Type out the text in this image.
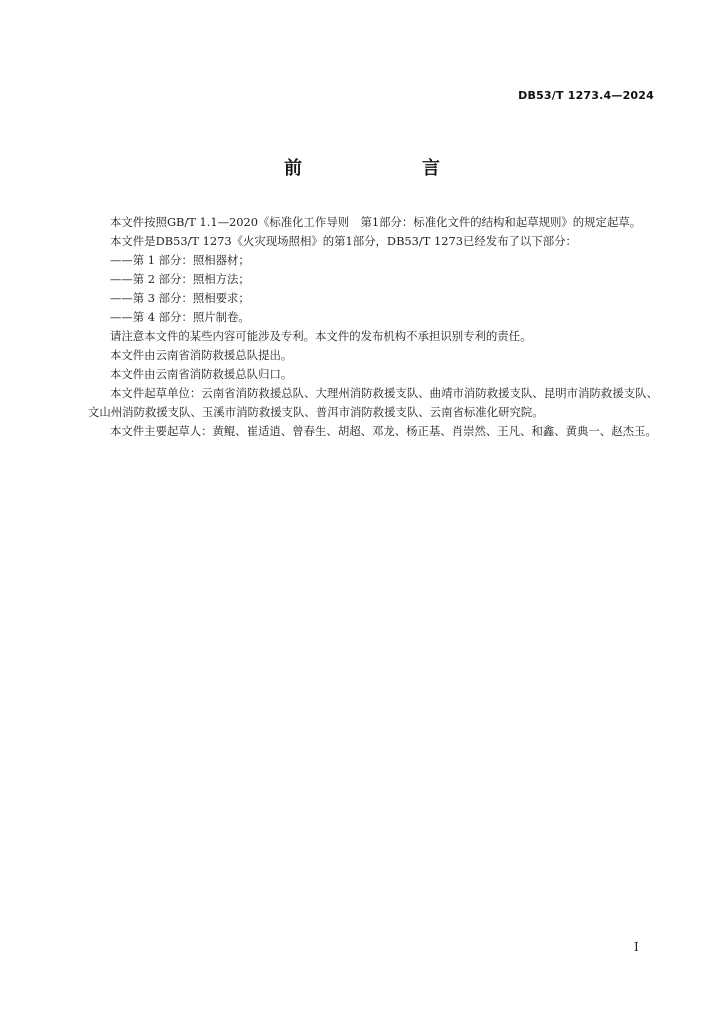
DB53/T 1273.4—2024
前　　言

本文件按照GB/T 1.1—2020《标准化工作导则　第1部分：标准化文件的结构和起草规则》的规定起草。

本文件是DB53/T 1273《火灾现场照相》的第1部分，DB53/T 1273已经发布了以下部分：

——第 1 部分：照相器材；

——第 2 部分：照相方法；

——第 3 部分：照相要求；

——第 4 部分：照片制卷。

请注意本文件的某些内容可能涉及专利。本文件的发布机构不承担识别专利的责任。

本文件由云南省消防救援总队提出。

本文件由云南省消防救援总队归口。

本文件起草单位：云南省消防救援总队、大理州消防救援支队、曲靖市消防救援支队、昆明市消防救援支队、文山州消防救援支队、玉溪市消防救援支队、普洱市消防救援支队、云南省标准化研究院。

本文件主要起草人：黄鲲、崔适逍、曾春生、胡超、邓龙、杨正基、肖崇然、王凡、和鑫、黄典一、赵杰玉。

I
